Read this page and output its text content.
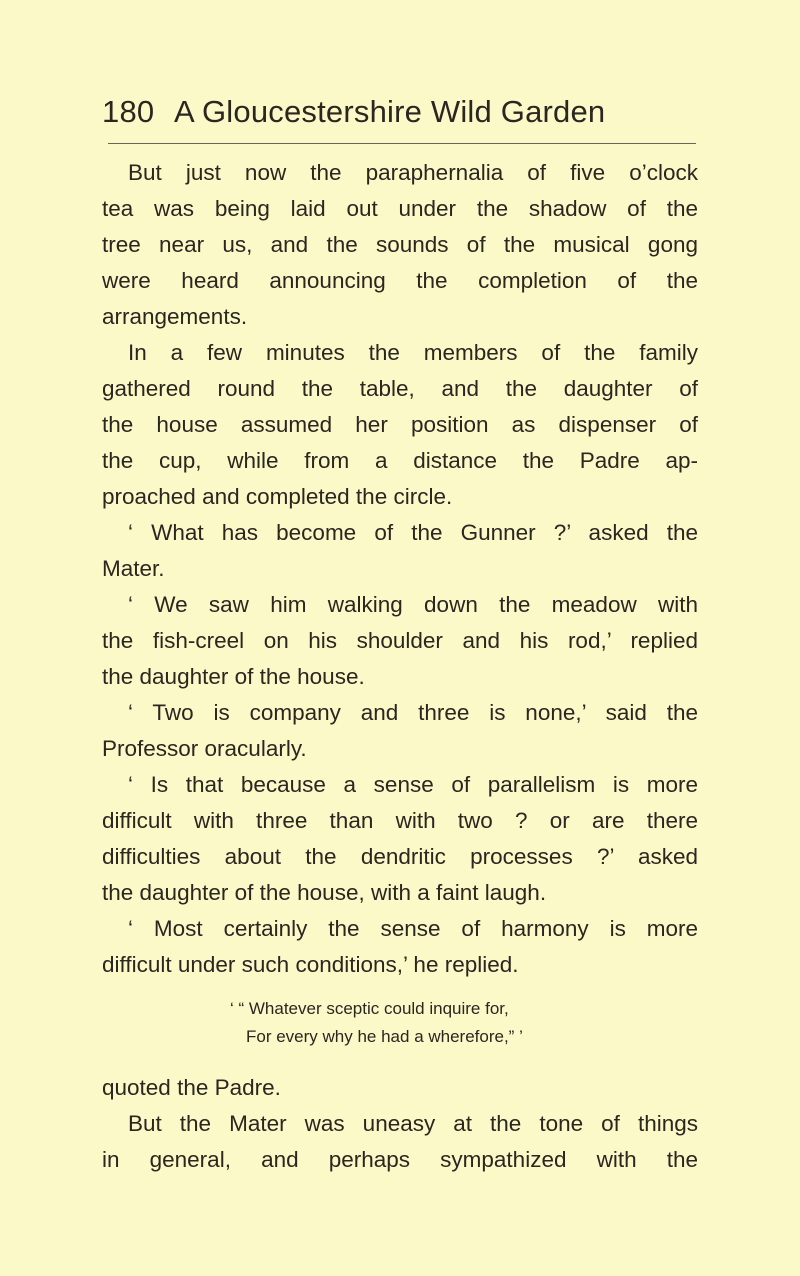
180 A Gloucestershire Wild Garden
But just now the paraphernalia of five o’clock
tea was being laid out under the shadow of the
tree near us, and the sounds of the musical gong
were heard announcing the completion of the
arrangements.
In a few minutes the members of the family
gathered round the table, and the daughter of
the house assumed her position as dispenser of
the cup, while from a distance the Padre ap-
proached and completed the circle.
‘ What has become of the Gunner ?’ asked the
Mater.
‘ We saw him walking down the meadow with
the fish-creel on his shoulder and his rod,’ replied
the daughter of the house.
‘ Two is company and three is none,’ said the
Professor oracularly.
‘ Is that because a sense of parallelism is more
difficult with three than with two ? or are there
difficulties about the dendritic processes ?’ asked
the daughter of the house, with a faint laugh.
‘ Most certainly the sense of harmony is more
difficult under such conditions,’ he replied.
‘ “ Whatever sceptic could inquire for,
For every why he had a wherefore,” ’
quoted the Padre.
But the Mater was uneasy at the tone of things
in general, and perhaps sympathized with the
